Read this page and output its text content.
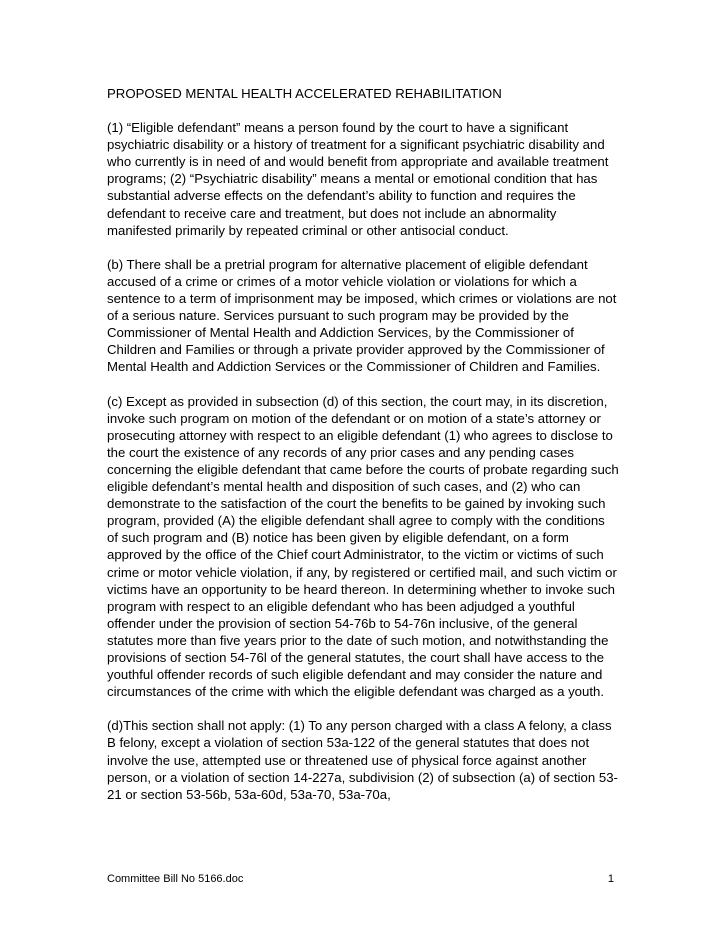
PROPOSED MENTAL HEALTH ACCELERATED REHABILITATION

(1) “Eligible defendant” means a person found by the court to have a significant psychiatric disability or a history of treatment for a significant psychiatric disability and who currently is in need of and would benefit from appropriate and available treatment programs; (2) “Psychiatric disability” means a mental or emotional condition that has substantial adverse effects on the defendant’s ability to function and requires the defendant to receive care and treatment, but does not include an abnormality manifested primarily by repeated criminal or other antisocial conduct.

(b) There shall be a pretrial program for alternative placement of eligible defendant accused of a crime or crimes of a motor vehicle violation or violations for which a sentence to a term of imprisonment may be imposed, which crimes or violations are not of a serious nature. Services pursuant to such program may be provided by the Commissioner of Mental Health and Addiction Services, by the Commissioner of Children and Families or through a private provider approved by the Commissioner of Mental Health and Addiction Services or the Commissioner of Children and Families.

(c) Except as provided in subsection (d) of this section, the court may, in its discretion, invoke such program on motion of the defendant or on motion of a state’s attorney or prosecuting attorney with respect to an eligible defendant (1) who agrees to disclose to the court the existence of any records of any prior cases and any pending cases concerning the eligible defendant that came before the courts of probate regarding such eligible defendant’s mental health and disposition of such cases, and (2) who can demonstrate to the satisfaction of the court the benefits to be gained by invoking such program, provided (A) the eligible defendant shall agree to comply with the conditions of such program and (B) notice has been given by eligible defendant, on a form approved by the office of the Chief court Administrator, to the victim or victims of such crime or motor vehicle violation, if any, by registered or certified mail, and such victim or victims have an opportunity to be heard thereon. In determining whether to invoke such program with respect to an eligible defendant who has been adjudged a youthful offender under the provision of section 54-76b to 54-76n inclusive, of the general statutes more than five years prior to the date of such motion, and notwithstanding the provisions of section 54-76l of the general statutes, the court shall have access to the youthful offender records of such eligible defendant and may consider the nature and circumstances of the crime with which the eligible defendant was charged as a youth.

(d)This section shall not apply: (1) To any person charged with a class A felony, a class B felony, except a violation of section 53a-122 of the general statutes that does not involve the use, attempted use or threatened use of physical force against another person, or a violation of section 14-227a, subdivision (2) of subsection (a) of section 53-21 or section 53-56b, 53a-60d, 53a-70, 53a-70a,

Committee Bill No 5166.doc	1
